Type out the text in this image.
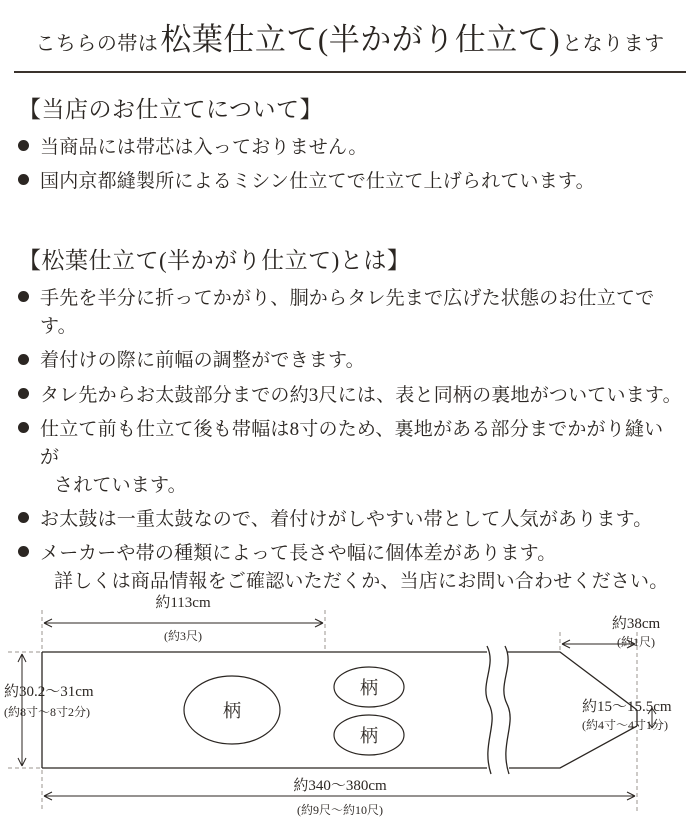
こちらの帯は 松葉仕立て(半かがり仕立て) となります
【当店のお仕立てについて】
当商品には帯芯は入っておりません。
国内京都縫製所によるミシン仕立てで仕立て上げられています。
【松葉仕立て(半かがり仕立て)とは】
手先を半分に折ってかがり、胴からタレ先まで広げた状態のお仕立てです。
着付けの際に前幅の調整ができます。
タレ先からお太鼓部分までの約3尺には、表と同柄の裏地がついています。
仕立て前も仕立て後も帯幅は8寸のため、裏地がある部分までかがり縫いが
されています。
お太鼓は一重太鼓なので、着付けがしやすい帯として人気があります。
メーカーや帯の種類によって長さや幅に個体差があります。
詳しくは商品情報をご確認いただくか、当店にお問い合わせください。
柄
柄
柄
約113cm
(約3尺)
約30.2〜31cm
(約8寸〜8寸2分)
約38cm
(約1尺)
約15〜15.5cm
(約4寸〜4寸1分)
約340〜380cm
(約9尺〜約10尺)
